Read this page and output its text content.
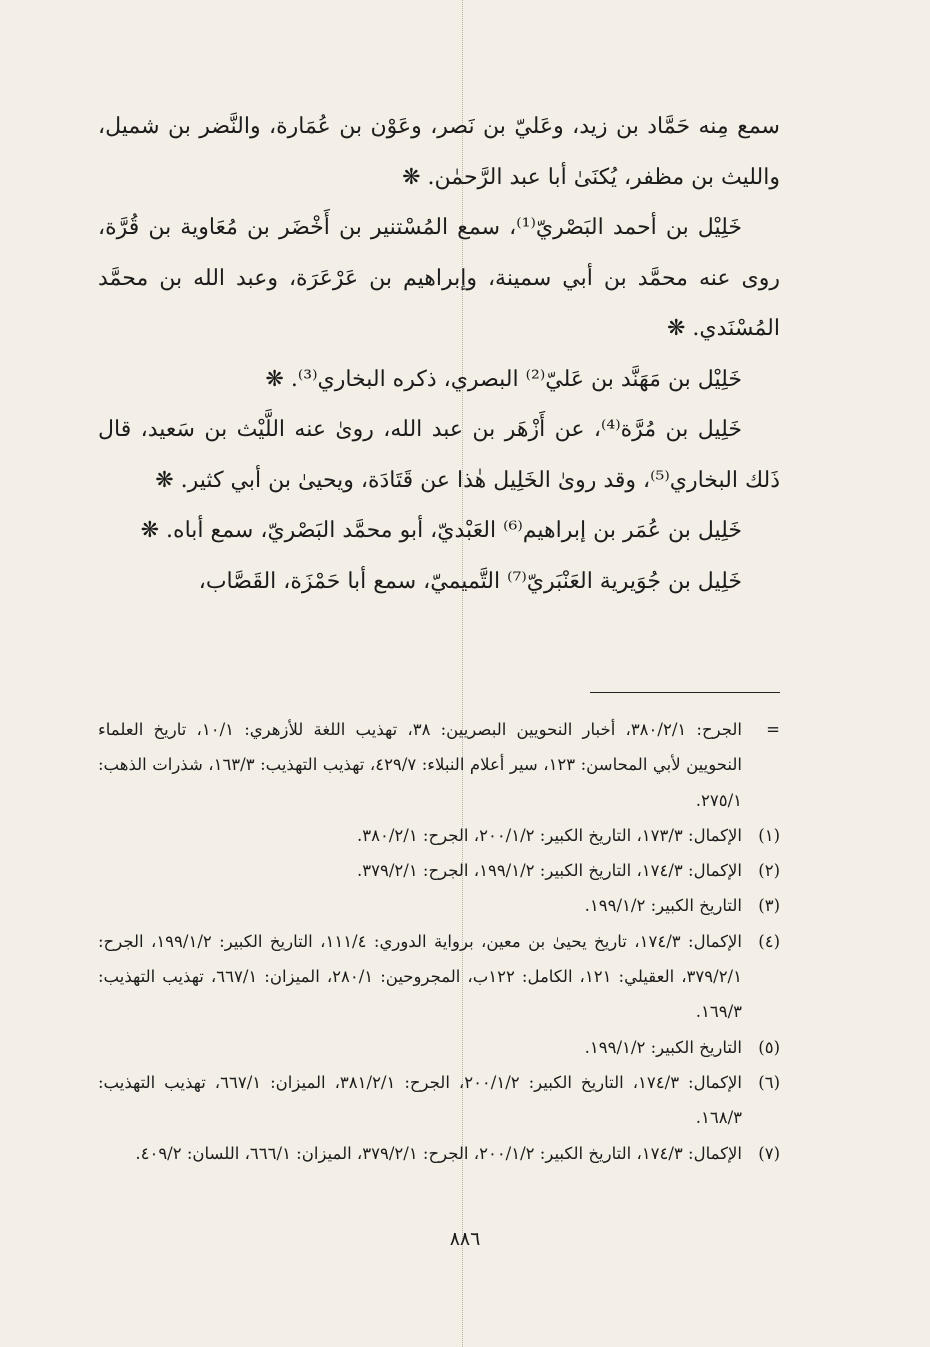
سمع مِنه حَمَّاد بن زيد، وعَليّ بن نَصر، وعَوْن بن عُمَارة، والنَّضر بن شميل، والليث بن مظفر، يُكنَىٰ أبا عبد الرَّحمٰن. ❋

خَلِيْل بن أحمد البَصْريّ⁽¹⁾، سمع المُسْتنير بن أَخْضَر بن مُعَاوية بن قُرَّة، روى عنه محمَّد بن أبي سمينة، وإبراهيم بن عَرْعَرَة، وعبد الله بن محمَّد المُسْنَدي. ❋

خَلِيْل بن مَهَنَّد بن عَليّ⁽²⁾ البصري، ذكره البخاري⁽³⁾. ❋

خَلِيل بن مُرَّة⁽⁴⁾، عن أَزْهَر بن عبد الله، روىٰ عنه اللَّيْث بن سَعيد، قال ذَلك البخاري⁽⁵⁾، وقد روىٰ الخَلِيل هٰذا عن قَتَادَة، ويحيىٰ بن أبي كثير. ❋

خَلِيل بن عُمَر بن إبراهيم⁽⁶⁾ العَبْديّ، أبو محمَّد البَصْريّ، سمع أباه. ❋

خَلِيل بن جُوَيرية العَنْبَريّ⁽⁷⁾ التَّميميّ، سمع أبا حَمْزَة، القَصَّاب،

=
الجرح: ٣٨٠/٢/١، أخبار النحويين البصريين: ٣٨، تهذيب اللغة للأزهري: ١٠/١، تاريخ العلماء النحويين لأبي المحاسن: ١٢٣، سير أعلام النبلاء: ٤٢٩/٧، تهذيب التهذيب: ١٦٣/٣، شذرات الذهب: ٢٧٥/١.
(١)
الإكمال: ١٧٣/٣، التاريخ الكبير: ٢٠٠/١/٢، الجرح: ٣٨٠/٢/١.
(٢)
الإكمال: ١٧٤/٣، التاريخ الكبير: ١٩٩/١/٢، الجرح: ٣٧٩/٢/١.
(٣)
التاريخ الكبير: ١٩٩/١/٢.
(٤)
الإكمال: ١٧٤/٣، تاريخ يحيىٰ بن معين، برواية الدوري: ١١١/٤، التاريخ الكبير: ١٩٩/١/٢، الجرح: ٣٧٩/٢/١، العقيلي: ١٢١، الكامل: ١٢٢ب، المجروحين: ٢٨٠/١، الميزان: ٦٦٧/١، تهذيب التهذيب: ١٦٩/٣.
(٥)
التاريخ الكبير: ١٩٩/١/٢.
(٦)
الإكمال: ١٧٤/٣، التاريخ الكبير: ٢٠٠/١/٢، الجرح: ٣٨١/٢/١، الميزان: ٦٦٧/١، تهذيب التهذيب: ١٦٨/٣.
(٧)
الإكمال: ١٧٤/٣، التاريخ الكبير: ٢٠٠/١/٢، الجرح: ٣٧٩/٢/١، الميزان: ٦٦٦/١، اللسان: ٤٠٩/٢.
٨٨٦
